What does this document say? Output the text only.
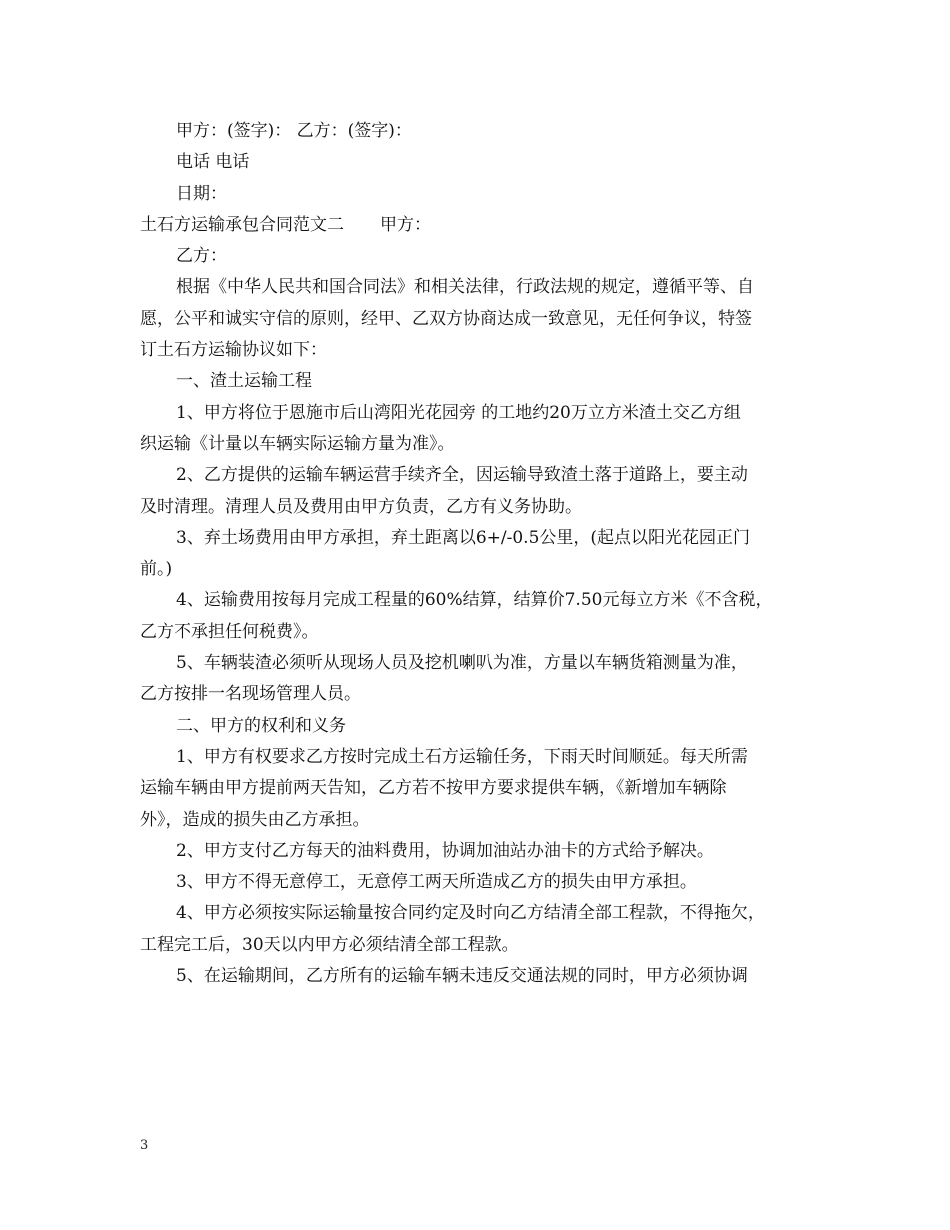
甲方：(签字)： 乙方：(签字)：
电话 电话
日期：
土石方运输承包合同范文二 甲方：
乙方：
根据《中华人民共和国合同法》和相关法律，行政法规的规定，遵循平等、自
愿，公平和诚实守信的原则，经甲、乙双方协商达成一致意见，无任何争议，特签
订土石方运输协议如下：
一、渣土运输工程
1、甲方将位于恩施市后山湾阳光花园旁 的工地约20万立方米渣土交乙方组
织运输《计量以车辆实际运输方量为准》。
2、乙方提供的运输车辆运营手续齐全，因运输导致渣土落于道路上，要主动
及时清理。清理人员及费用由甲方负责，乙方有义务协助。
3、弃土场费用由甲方承担，弃土距离以6+/-0.5公里，(起点以阳光花园正门
前。)
4、运输费用按每月完成工程量的60%结算，结算价7.50元每立方米《不含税，
乙方不承担任何税费》。
5、车辆装渣必须听从现场人员及挖机喇叭为准，方量以车辆货箱测量为准，
乙方按排一名现场管理人员。
二、甲方的权利和义务
1、甲方有权要求乙方按时完成土石方运输任务，下雨天时间顺延。每天所需
运输车辆由甲方提前两天告知，乙方若不按甲方要求提供车辆，《新增加车辆除
外》，造成的损失由乙方承担。
2、甲方支付乙方每天的油料费用，协调加油站办油卡的方式给予解决。
3、甲方不得无意停工，无意停工两天所造成乙方的损失由甲方承担。
4、甲方必须按实际运输量按合同约定及时向乙方结清全部工程款，不得拖欠，
工程完工后，30天以内甲方必须结清全部工程款。
5、在运输期间，乙方所有的运输车辆未违反交通法规的同时，甲方必须协调
3
